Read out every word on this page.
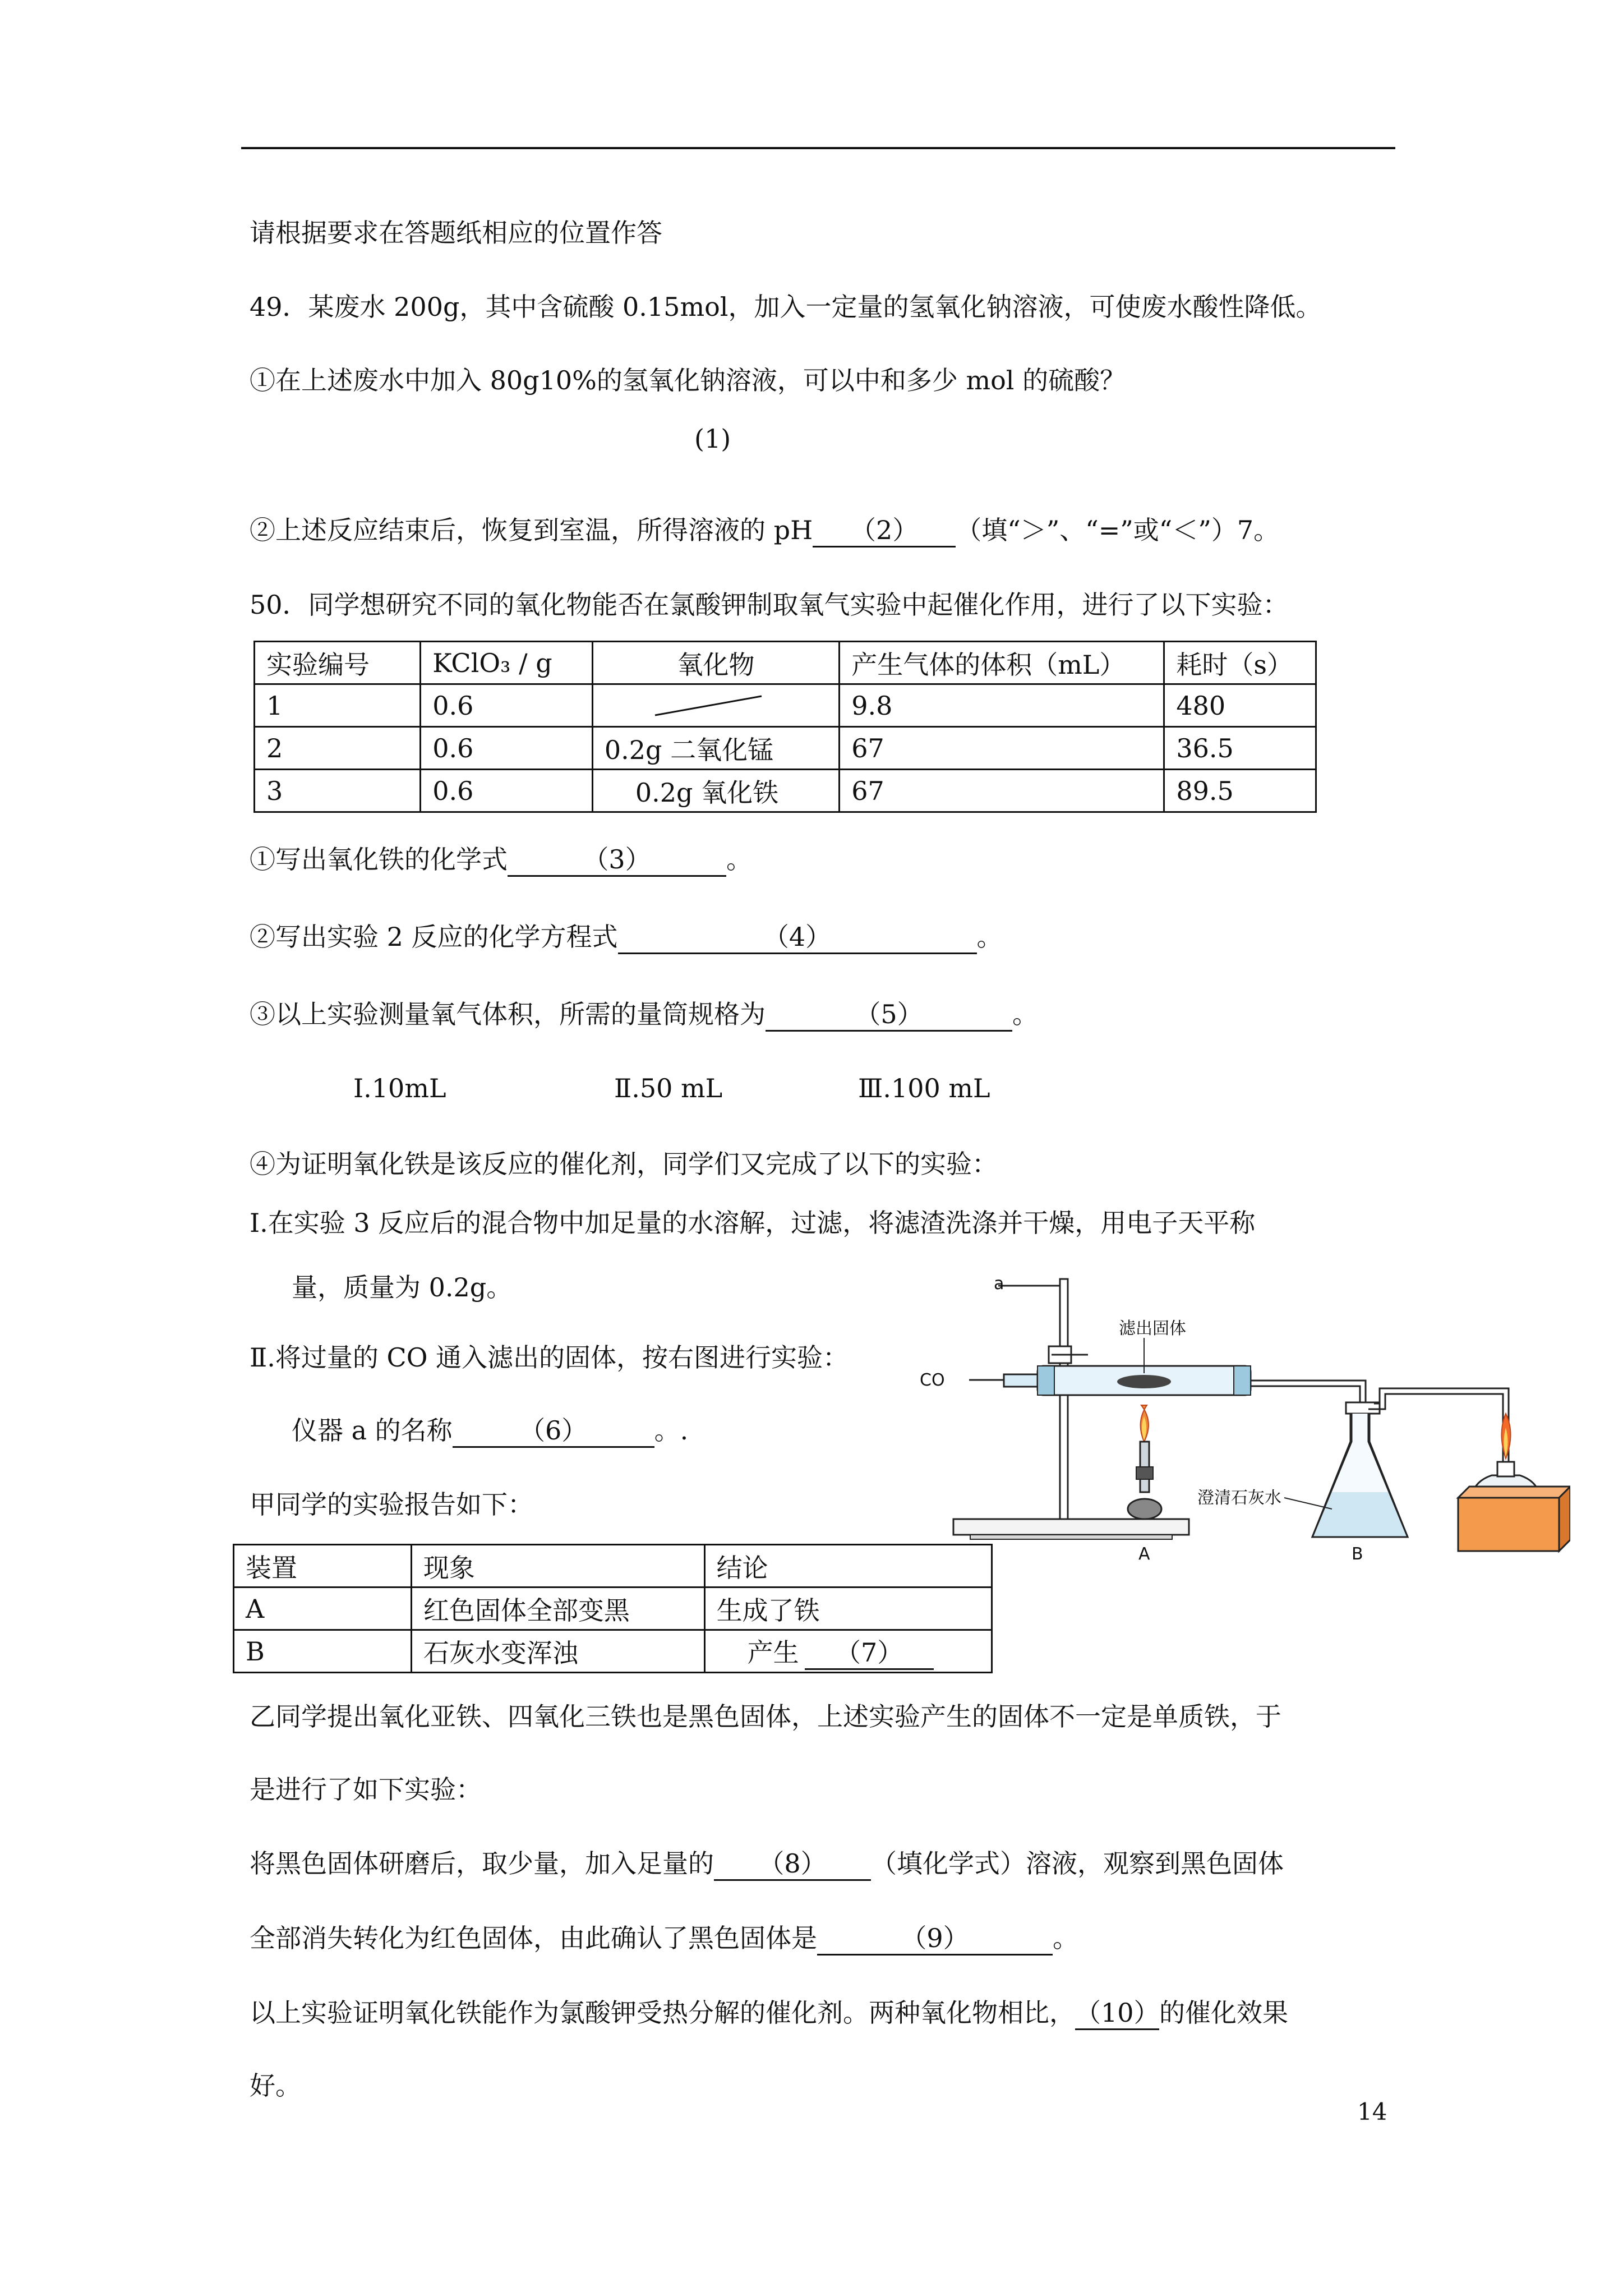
请根据要求在答题纸相应的位置作答
49．某废水 200g，其中含硫酸 0.15mol，加入一定量的氢氧化钠溶液，可使废水酸性降低。
①在上述废水中加入 80g10%的氢氧化钠溶液，可以中和多少 mol 的硫酸？
(1)
②上述反应结束后，恢复到室温，所得溶液的 pH （2） （填“＞”、“=”或“＜”）7。
50．同学想研究不同的氧化物能否在氯酸钾制取氧气实验中起催化作用，进行了以下实验：
实验编号	KClO₃ / g	氧化物	产生气体的体积（mL）	耗时（s）
1	0.6		9.8	480
2	0.6	0.2g 二氧化锰	67	36.5
3	0.6	0.2g 氧化铁	67	89.5
①写出氧化铁的化学式	（3）	。
②写出实验 2 反应的化学方程式	（4）	。
③以上实验测量氧气体积，所需的量筒规格为	（5）	。
Ⅰ.10mL	Ⅱ.50 mL	Ⅲ.100 mL
④为证明氧化铁是该反应的催化剂，同学们又完成了以下的实验：
Ⅰ.在实验 3 反应后的混合物中加足量的水溶解，过滤，将滤渣洗涤并干燥，用电子天平称
量，质量为 0.2g。
Ⅱ.将过量的 CO 通入滤出的固体，按右图进行实验：
仪器 a 的名称	（6）	。.
甲同学的实验报告如下：
装置	现象	结论
A	红色固体全部变黑	生成了铁
B	石灰水变浑浊	产生 （7）
乙同学提出氧化亚铁、四氧化三铁也是黑色固体，上述实验产生的固体不一定是单质铁，于
是进行了如下实验：
将黑色固体研磨后，取少量，加入足量的 （8） （填化学式）溶液，观察到黑色固体
全部消失转化为红色固体，由此确认了黑色固体是	（9）	。
以上实验证明氧化铁能作为氯酸钾受热分解的催化剂。两种氧化物相比，（10）的催化效果
好。
a
CO
滤出固体
A
澄清石灰水
B
14
